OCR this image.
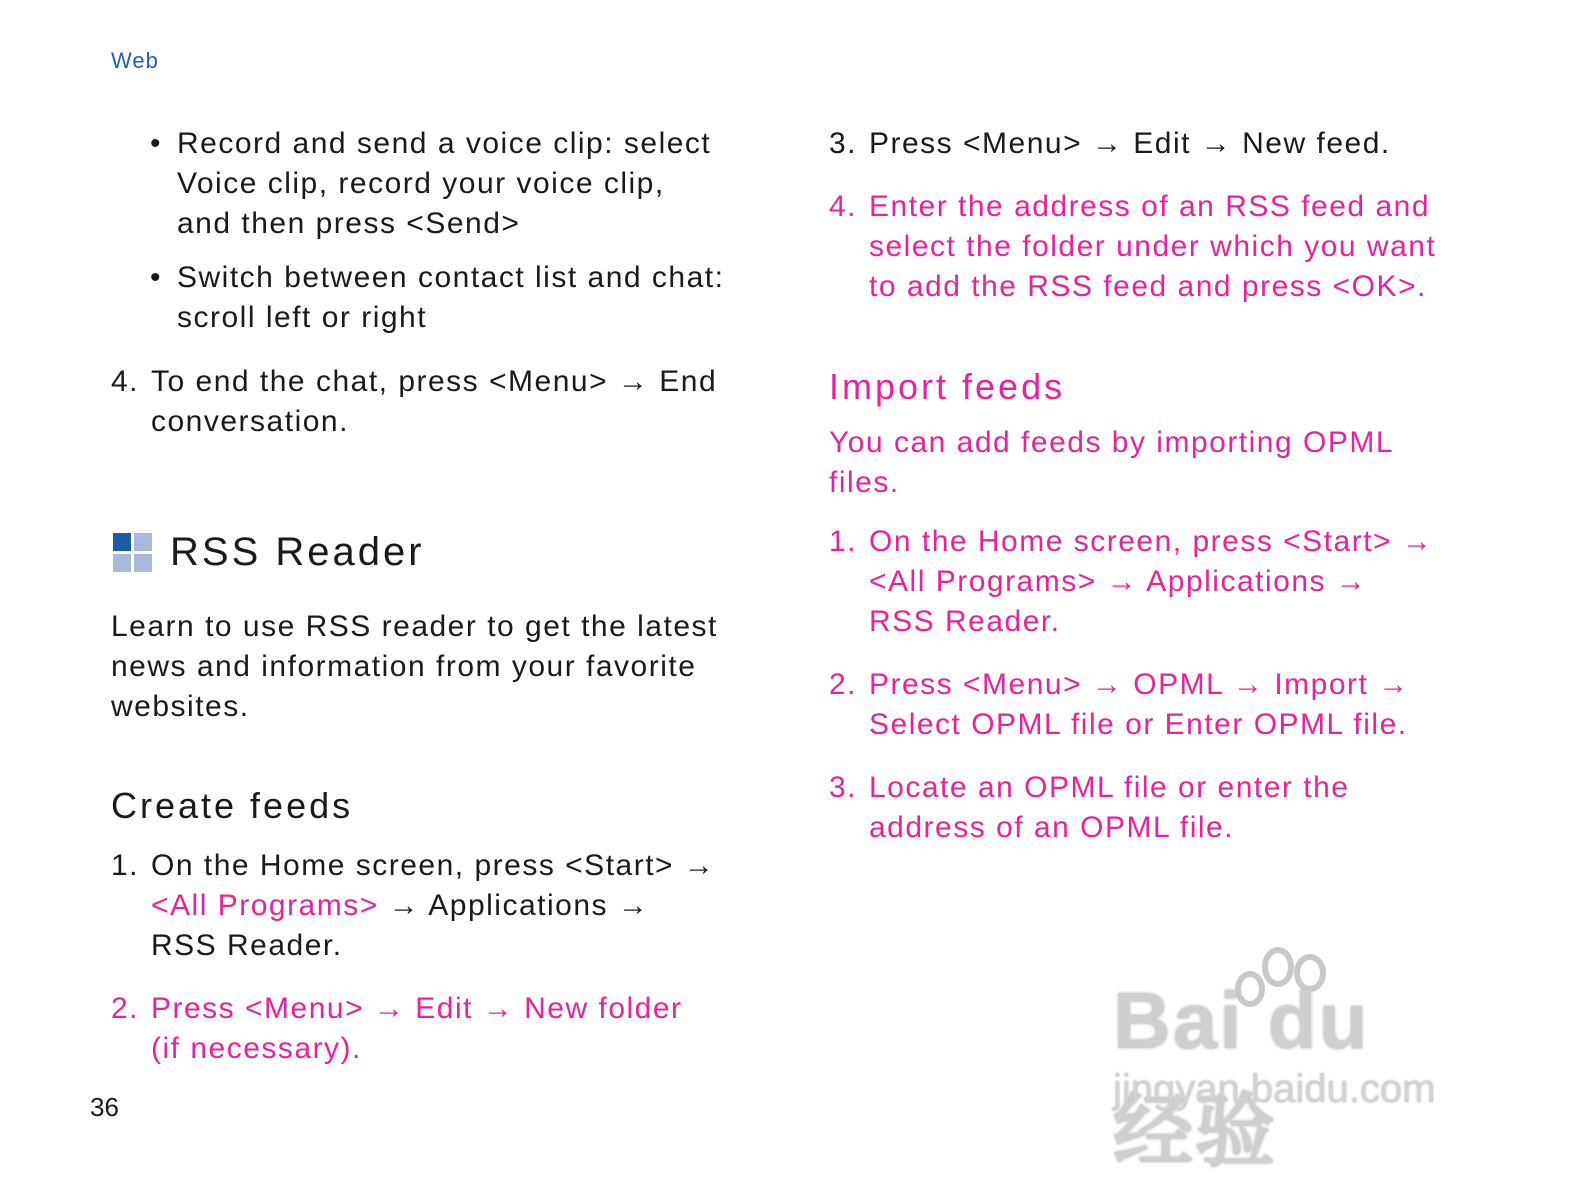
Web
36
• Record and send a voice clip: select
Voice clip, record your voice clip,
and then press <Send>

• Switch between contact list and chat:
scroll left or right

4. To end the chat, press <Menu> → End
conversation.

RSS Reader
Learn to use RSS reader to get the latest
news and information from your favorite
websites.
Create feeds
1. On the Home screen, press <Start> →
<All Programs> → Applications →
RSS Reader.

2. Press <Menu> → Edit → New folder
(if necessary).

3. Press <Menu> → Edit → New feed.

4. Enter the address of an RSS feed and
select the folder under which you want
to add the RSS feed and press <OK>.

Import feeds
You can add feeds by importing OPML
files.
1. On the Home screen, press <Start> →
<All Programs> → Applications →
RSS Reader.

2. Press <Menu> → OPML → Import →
Select OPML file or Enter OPML file.

3. Locate an OPML file or enter the
address of an OPML file.

Bai du 经验
jingyan.baidu.com
